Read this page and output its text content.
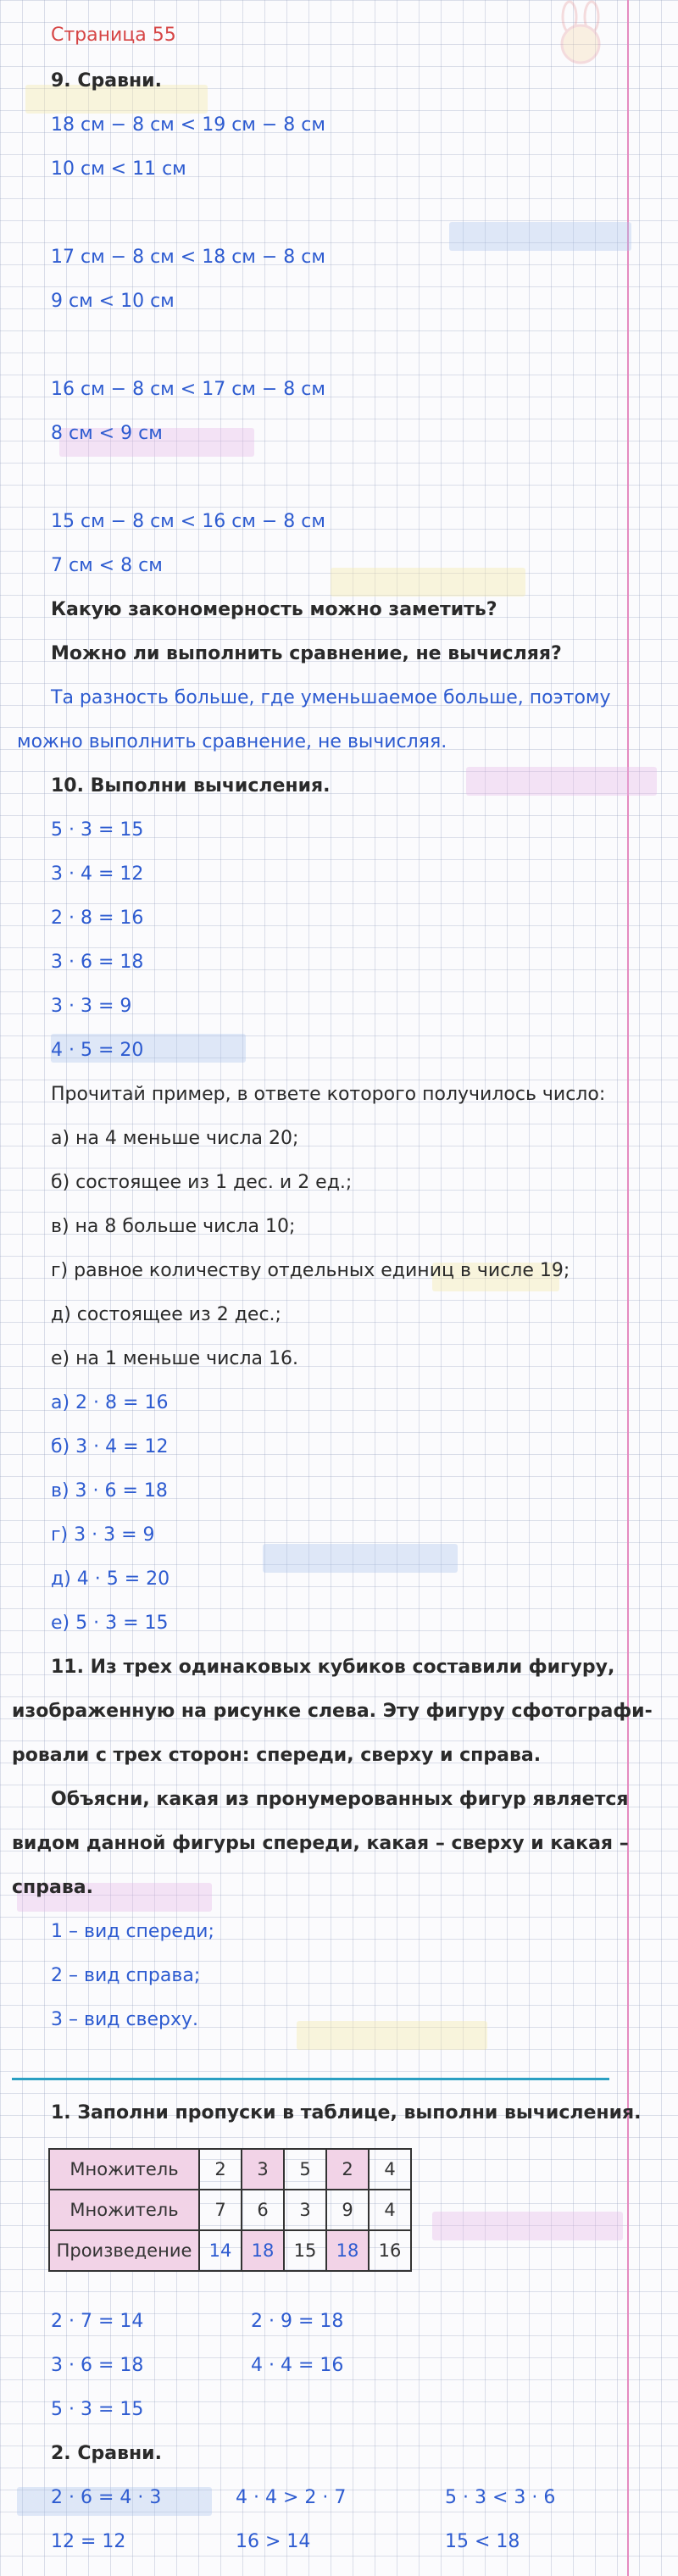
Страница 55
9. Сравни.
18 см − 8 см < 19 см − 8 см
10 см < 11 см
17 см − 8 см < 18 см − 8 см
9 см < 10 см
16 см − 8 см < 17 см − 8 см
8 см < 9 см
15 см − 8 см < 16 см − 8 см
7 см < 8 см
Какую закономерность можно заметить?
Можно ли выполнить сравнение, не вычисляя?
Та разность больше, где уменьшаемое больше, поэтому
можно выполнить сравнение, не вычисляя.
10. Выполни вычисления.
5 · 3 = 15
3 · 4 = 12
2 · 8 = 16
3 · 6 = 18
3 · 3 = 9
4 · 5 = 20
Прочитай пример, в ответе которого получилось число:
а) на 4 меньше числа 20;
б) состоящее из 1 дес. и 2 ед.;
в) на 8 больше числа 10;
г) равное количеству отдельных единиц в числе 19;
д) состоящее из 2 дес.;
е) на 1 меньше числа 16.
а) 2 · 8 = 16
б) 3 · 4 = 12
в) 3 · 6 = 18
г) 3 · 3 = 9
д) 4 · 5 = 20
е) 5 · 3 = 15
11. Из трех одинаковых кубиков составили фигуру,
изображенную на рисунке слева. Эту фигуру сфотографи-
ровали с трех сторон: спереди, сверху и справа.
Объясни, какая из пронумерованных фигур является
видом данной фигуры спереди, какая – сверху и какая –
справа.
1 – вид спереди;
2 – вид справа;
3 – вид сверху.
1. Заполни пропуски в таблице, выполни вычисления.
Множитель	2	3	5	2	4
Множитель	7	6	3	9	4
Произведение	14	18	15	18	16
2 · 7 = 14	2 · 9 = 18
3 · 6 = 18	4 · 4 = 16
5 · 3 = 15
2. Сравни.
2 · 6 = 4 · 3	4 · 4 > 2 · 7	5 · 3 < 3 · 6
12 = 12	16 > 14	15 < 18
